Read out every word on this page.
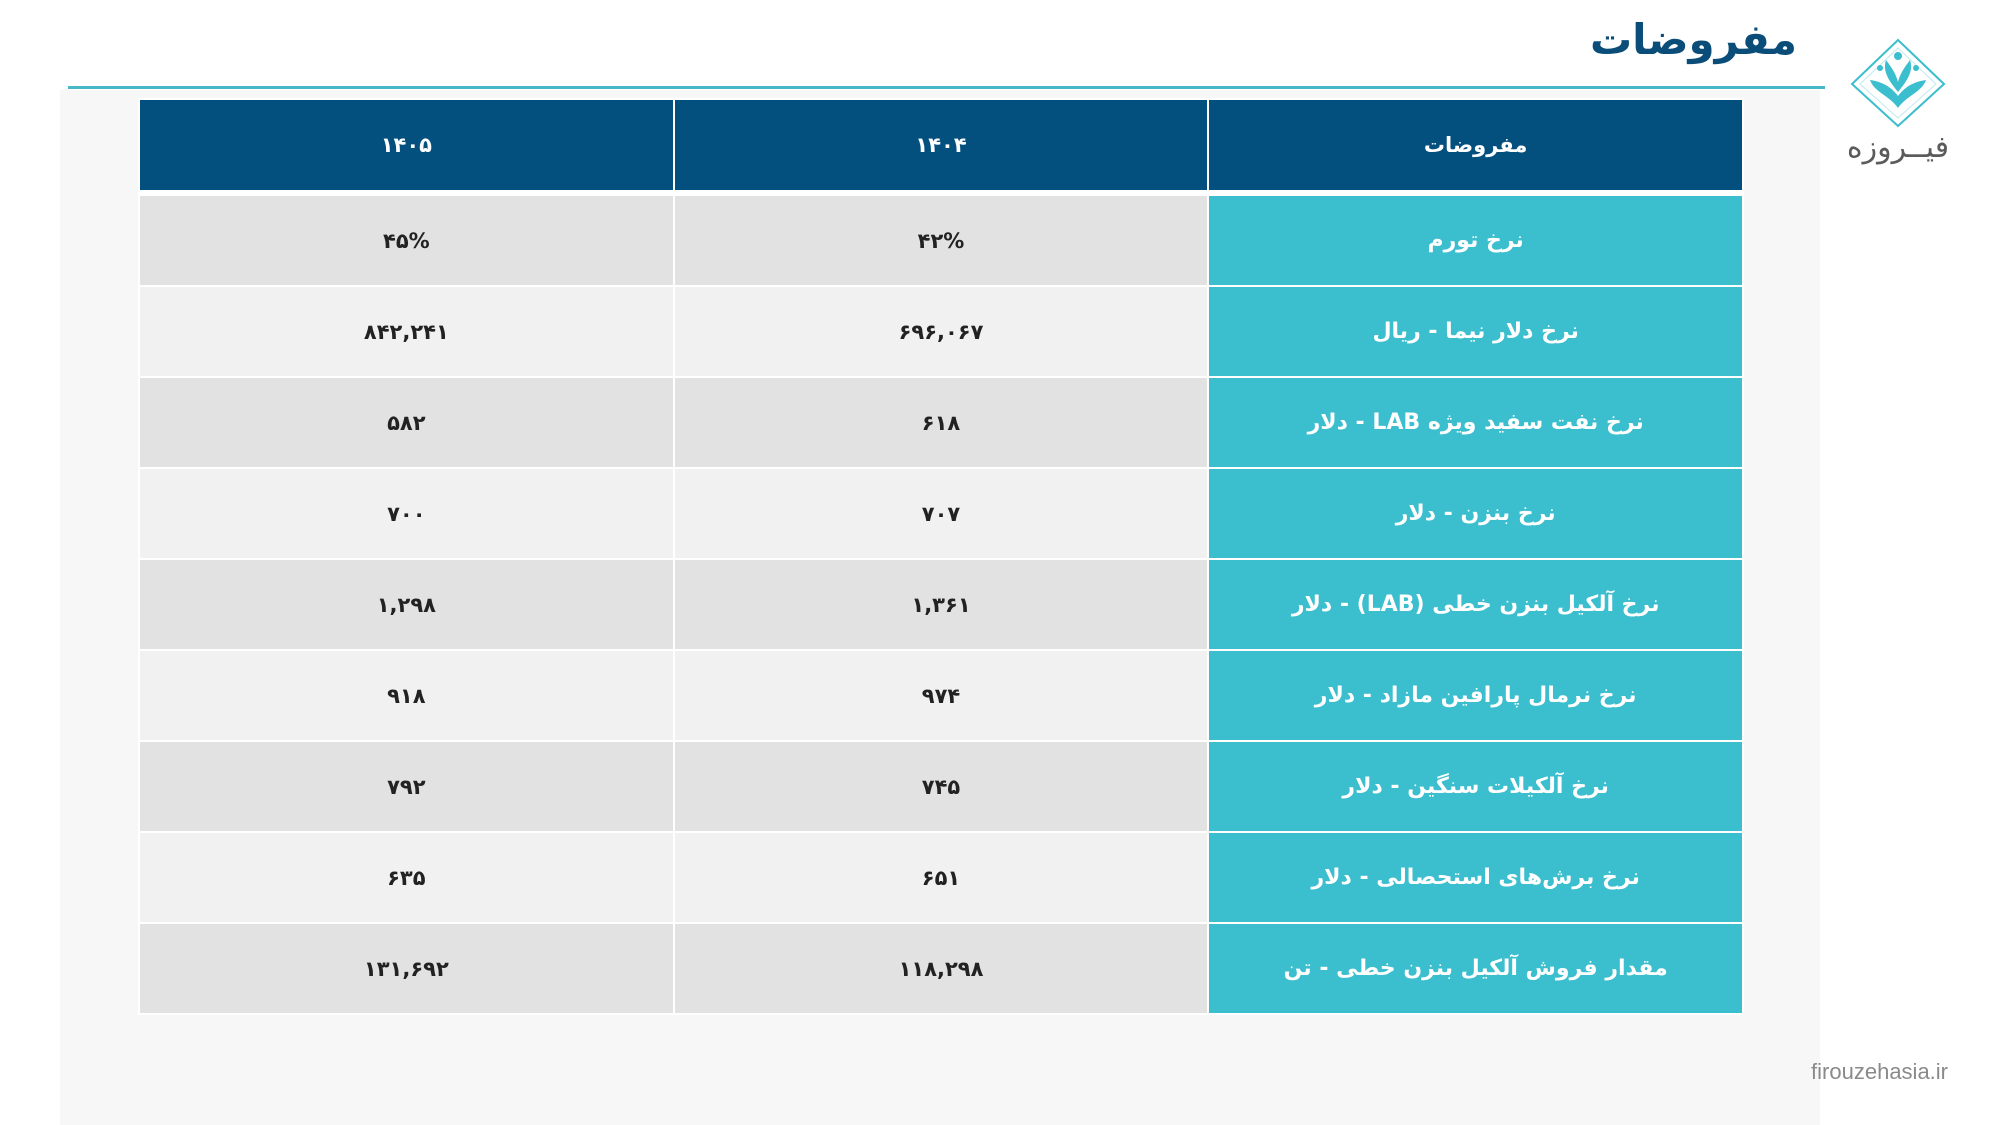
مفروضات
فیــروزه
مفروضات	۱۴۰۴	۱۴۰۵
نرخ تورم	۴۲%	۴۵%
نرخ دلار نیما - ریال	۶۹۶,۰۶۷	۸۴۲,۲۴۱
نرخ نفت سفید ویژه LAB - دلار	۶۱۸	۵۸۲
نرخ بنزن - دلار	۷۰۷	۷۰۰
نرخ آلکیل بنزن خطی (LAB) - دلار	۱,۳۶۱	۱,۲۹۸
نرخ نرمال پارافین مازاد - دلار	۹۷۴	۹۱۸
نرخ آلکیلات سنگین - دلار	۷۴۵	۷۹۲
نرخ برش‌های استحصالی - دلار	۶۵۱	۶۳۵
مقدار فروش آلکیل بنزن خطی - تن	۱۱۸,۲۹۸	۱۳۱,۶۹۲
firouzehasia.ir
